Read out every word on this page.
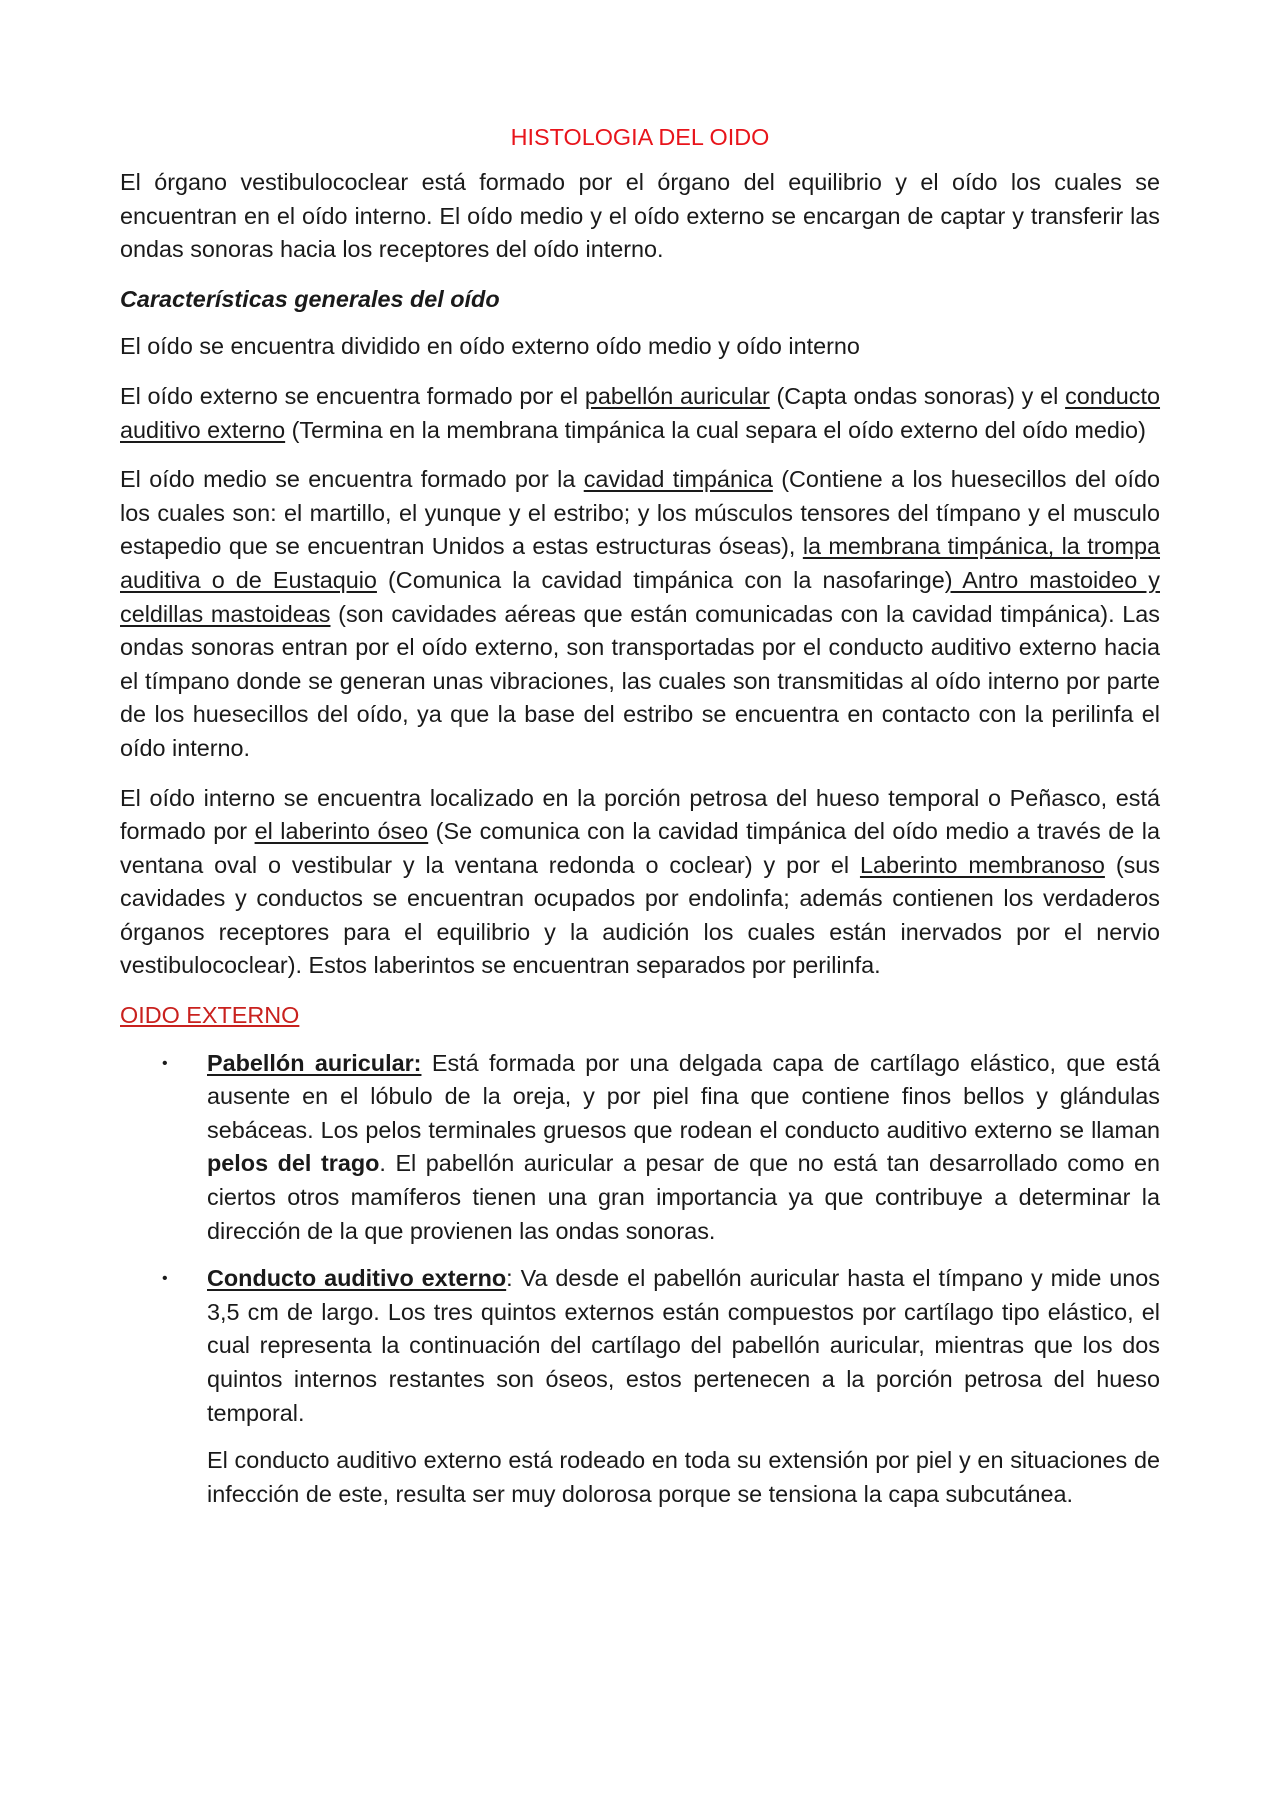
HISTOLOGIA DEL OIDO

El órgano vestibulococlear está formado por el órgano del equilibrio y el oído los cuales se encuentran en el oído interno. El oído medio y el oído externo se encargan de captar y transferir las ondas sonoras hacia los receptores del oído interno.

Características generales del oído

El oído se encuentra dividido en oído externo oído medio y oído interno

El oído externo se encuentra formado por el pabellón auricular (Capta ondas sonoras) y el conducto auditivo externo (Termina en la membrana timpánica la cual separa el oído externo del oído medio)

El oído medio se encuentra formado por la cavidad timpánica (Contiene a los huesecillos del oído los cuales son: el martillo, el yunque y el estribo; y los músculos tensores del tímpano y el musculo estapedio que se encuentran Unidos a estas estructuras óseas), la membrana timpánica, la trompa auditiva o de Eustaquio (Comunica la cavidad timpánica con la nasofaringe) Antro mastoideo y celdillas mastoideas (son cavidades aéreas que están comunicadas con la cavidad timpánica). Las ondas sonoras entran por el oído externo, son transportadas por el conducto auditivo externo hacia el tímpano donde se generan unas vibraciones, las cuales son transmitidas al oído interno por parte de los huesecillos del oído, ya que la base del estribo se encuentra en contacto con la perilinfa el oído interno.

El oído interno se encuentra localizado en la porción petrosa del hueso temporal o Peñasco, está formado por el laberinto óseo (Se comunica con la cavidad timpánica del oído medio a través de la ventana oval o vestibular y la ventana redonda o coclear) y por el Laberinto membranoso (sus cavidades y conductos se encuentran ocupados por endolinfa; además contienen los verdaderos órganos receptores para el equilibrio y la audición los cuales están inervados por el nervio vestibulococlear). Estos laberintos se encuentran separados por perilinfa.

OIDO EXTERNO

• Pabellón auricular: Está formada por una delgada capa de cartílago elástico, que está ausente en el lóbulo de la oreja, y por piel fina que contiene finos bellos y glándulas sebáceas. Los pelos terminales gruesos que rodean el conducto auditivo externo se llaman pelos del trago. El pabellón auricular a pesar de que no está tan desarrollado como en ciertos otros mamíferos tienen una gran importancia ya que contribuye a determinar la dirección de la que provienen las ondas sonoras.
• Conducto auditivo externo: Va desde el pabellón auricular hasta el tímpano y mide unos 3,5 cm de largo. Los tres quintos externos están compuestos por cartílago tipo elástico, el cual representa la continuación del cartílago del pabellón auricular, mientras que los dos quintos internos restantes son óseos, estos pertenecen a la porción petrosa del hueso temporal.

El conducto auditivo externo está rodeado en toda su extensión por piel y en situaciones de infección de este, resulta ser muy dolorosa porque se tensiona la capa subcutánea.
